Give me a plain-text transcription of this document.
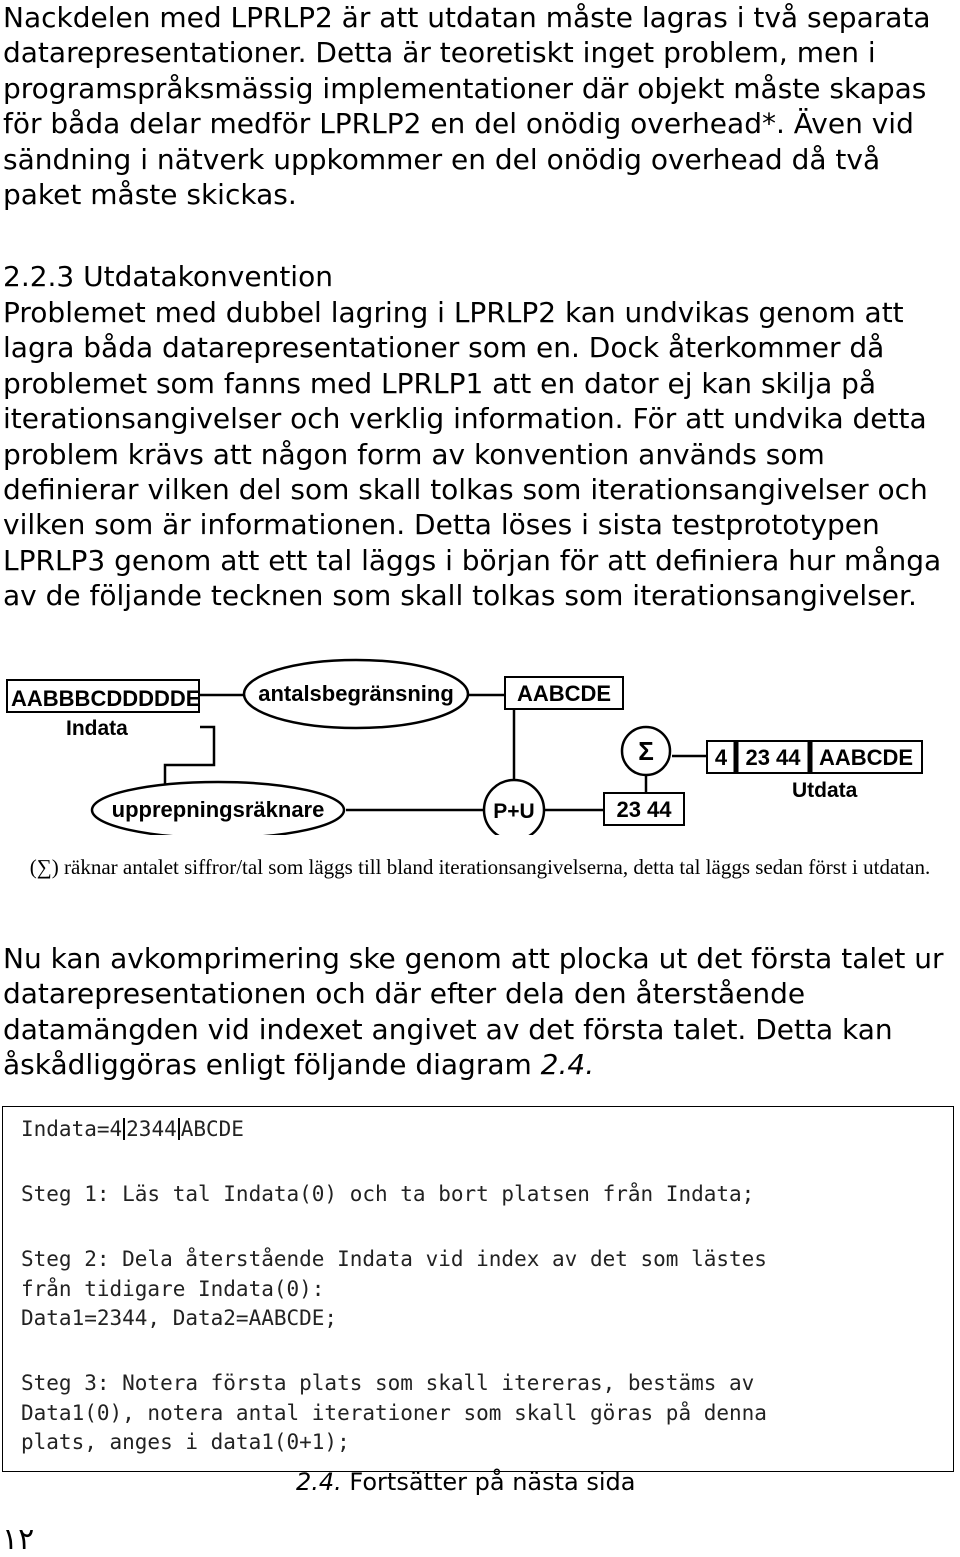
Nackdelen med LPRLP2 är att utdatan måste lagras i två separata datarepresentationer. Detta är teoretiskt inget problem, men i programspråksmässig implementationer där objekt måste skapas för båda delar medför LPRLP2 en del onödig overhead*. Även vid sändning i nätverk uppkommer en del onödig overhead då två paket måste skickas.

2.2.3 Utdatakonvention

Problemet med dubbel lagring i LPRLP2 kan undvikas genom att lagra båda datarepresentationer som en. Dock återkommer då problemet som fanns med LPRLP1 att en dator ej kan skilja på iterationsangivelser och verklig information. För att undvika detta problem krävs att någon form av konvention används som definierar vilken del som skall tolkas som iterationsangivelser och vilken som är informationen. Detta löses i sista testprototypen LPRLP3 genom att ett tal läggs i början för att definiera hur många av de följande tecknen som skall tolkas som iterationsangivelser.

AABBBCDDDDDE
Indata
antalsbegränsning	AABCDE
Σ
upprepningsräknare	P+U	23 44
4 23 44 AABCDE
Utdata
(∑) räknar antalet siffror/tal som läggs till bland iterationsangivelserna, detta tal läggs sedan först i utdatan.

Nu kan avkomprimering ske genom att plocka ut det första talet ur datarepresentationen och där efter dela den återstående datamängden vid indexet angivet av det första talet. Detta kan åskådliggöras enligt följande diagram 2.4.

Indata=4 2344 ABCDE
Steg 1: Läs tal Indata(0) och ta bort platsen från Indata;
Steg 2: Dela återstående Indata vid index av det som lästes
från tidigare Indata(0):
Data1=2344, Data2=AABCDE;
Steg 3: Notera första plats som skall itereras, bestäms av
Data1(0), notera antal iterationer som skall göras på denna
plats, anges i data1(0+1);
2.4. Fortsätter på nästa sida
١٢
